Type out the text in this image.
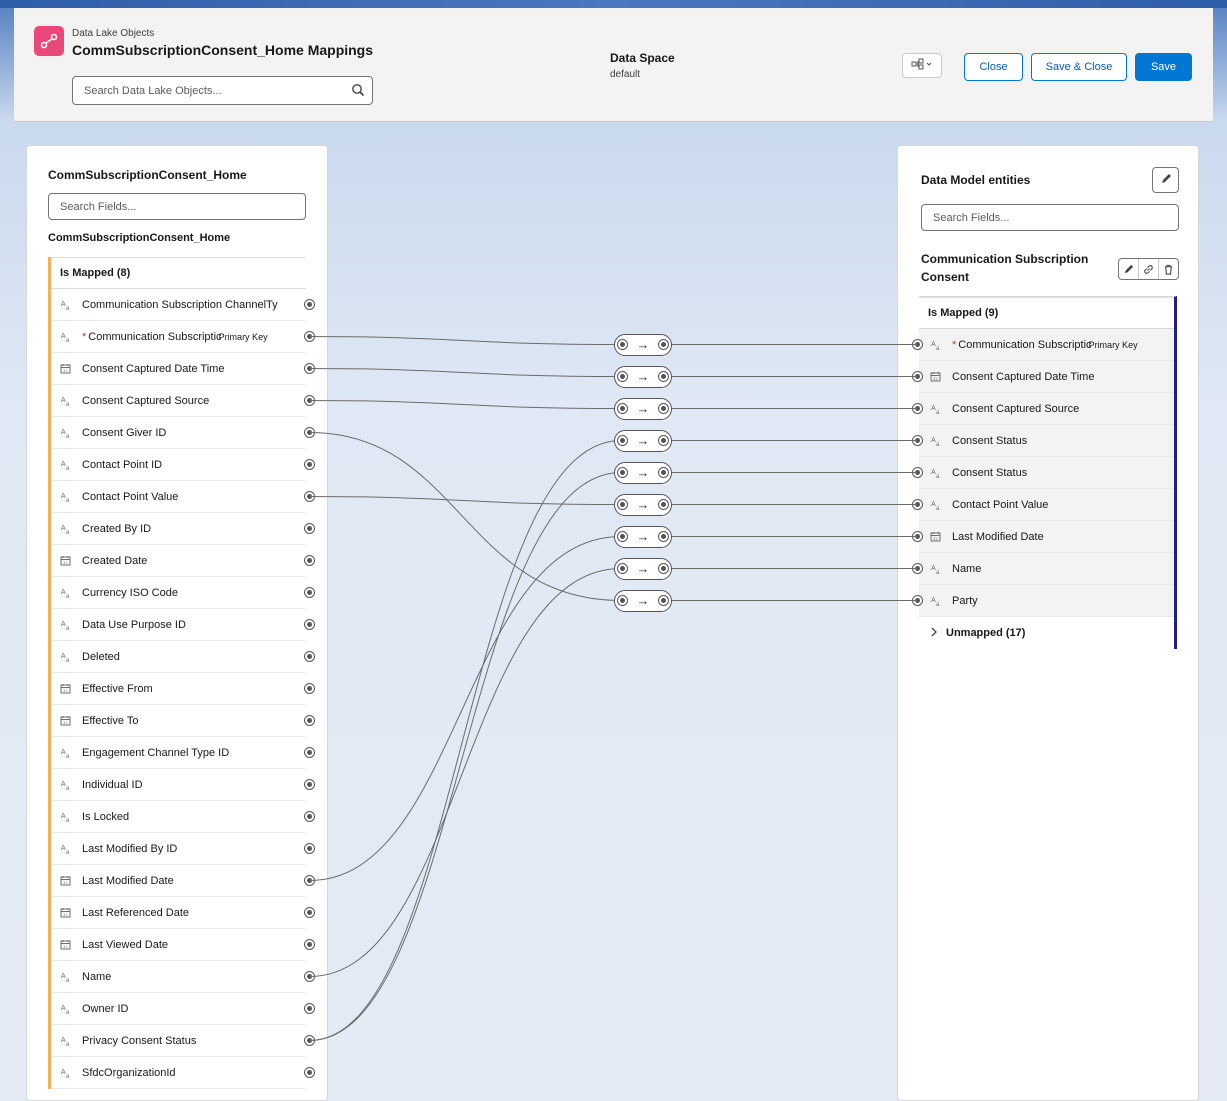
Data Lake Objects
CommSubscriptionConsent_Home Mappings
Search Data Lake Objects...	Data Space
default
Close	Save & Close	Save
CommSubscriptionConsent_Home
Search Fields...
CommSubscriptionConsent_Home
Is Mapped (8)
A
a Communication Subscription ChannelTy
A
a * Communication Subscriptic
Primary Key
31 Consent Captured Date Time
A
a Consent Captured Source
A
a Consent Giver ID
A
a Contact Point ID
A
a Contact Point Value
A
a Created By ID
31 Created Date
A
a Currency ISO Code
A
a Data Use Purpose ID
A
a Deleted
31 Effective From
31 Effective To
A
a Engagement Channel Type ID
A
a Individual ID
A
a Is Locked
A
a Last Modified By ID
31 Last Modified Date
31 Last Referenced Date
31 Last Viewed Date
A
a Name
A
a Owner ID
A
a Privacy Consent Status
A
a SfdcOrganizationId
Data Model entities
Search Fields...
Communication Subscription Consent
Is Mapped (9)
A
a * Communication Subscriptic
Primary Key
31 Consent Captured Date Time
A
a Consent Captured Source
A
a Consent Status
A
a Consent Status
A
a Contact Point Value
31 Last Modified Date
A
a Name
A
a Party
Unmapped (17)
→
→
→
→
→
→
→
→
→
